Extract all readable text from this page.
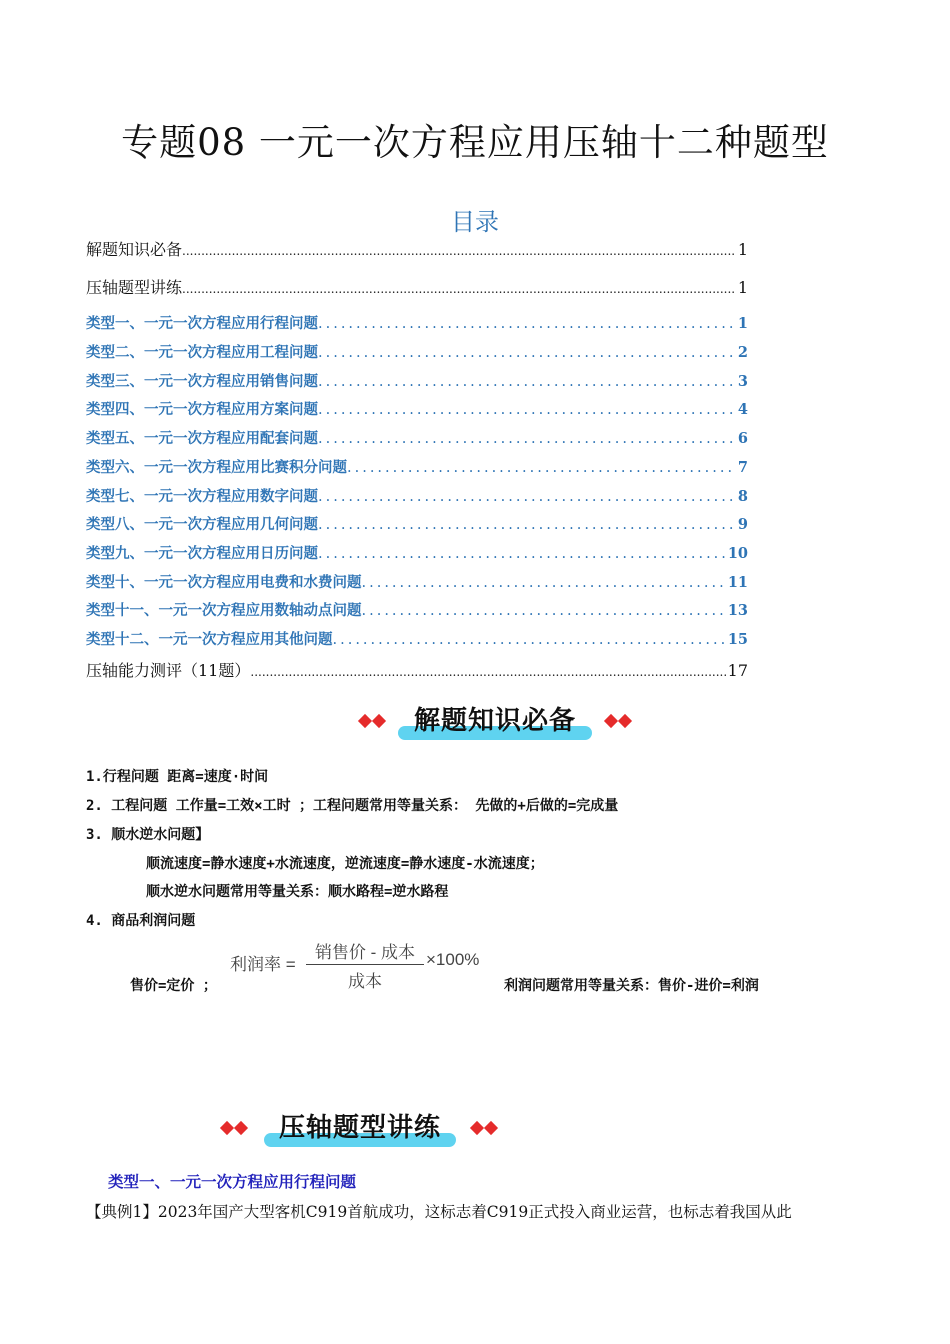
专题08 一元一次方程应用压轴十二种题型
目录
解题知识必备 .....	1
压轴题型讲练 .....	1
类型一、一元一次方程应用行程问题 .....	1
类型二、一元一次方程应用工程问题 .....	2
类型三、一元一次方程应用销售问题 .....	3
类型四、一元一次方程应用方案问题 .....	4
类型五、一元一次方程应用配套问题 .....	6
类型六、一元一次方程应用比赛积分问题 .....	7
类型七、一元一次方程应用数字问题 .....	8
类型八、一元一次方程应用几何问题 .....	9
类型九、一元一次方程应用日历问题 .....	10
类型十、一元一次方程应用电费和水费问题 .....	11
类型十一、一元一次方程应用数轴动点问题 .....	13
类型十二、一元一次方程应用其他问题 .....	15
压轴能力测评（11题） .....	17
解题知识必备
1.行程问题 距离=速度·时间
2. 工程问题 工作量=工效×工时 ；工程问题常用等量关系： 先做的+后做的=完成量
3. 顺水逆水问题】
顺流速度=静水速度+水流速度，逆流速度=静水速度-水流速度；
顺水逆水问题常用等量关系：顺水路程=逆水路程
4. 商品利润问题
利润率 =
销售价 - 成本
成本
×100%
售价=定价 ；	利润问题常用等量关系：售价-进价=利润
压轴题型讲练
类型一、一元一次方程应用行程问题
【典例1】2023年国产大型客机C919首航成功，这标志着C919正式投入商业运营，也标志着我国从此
